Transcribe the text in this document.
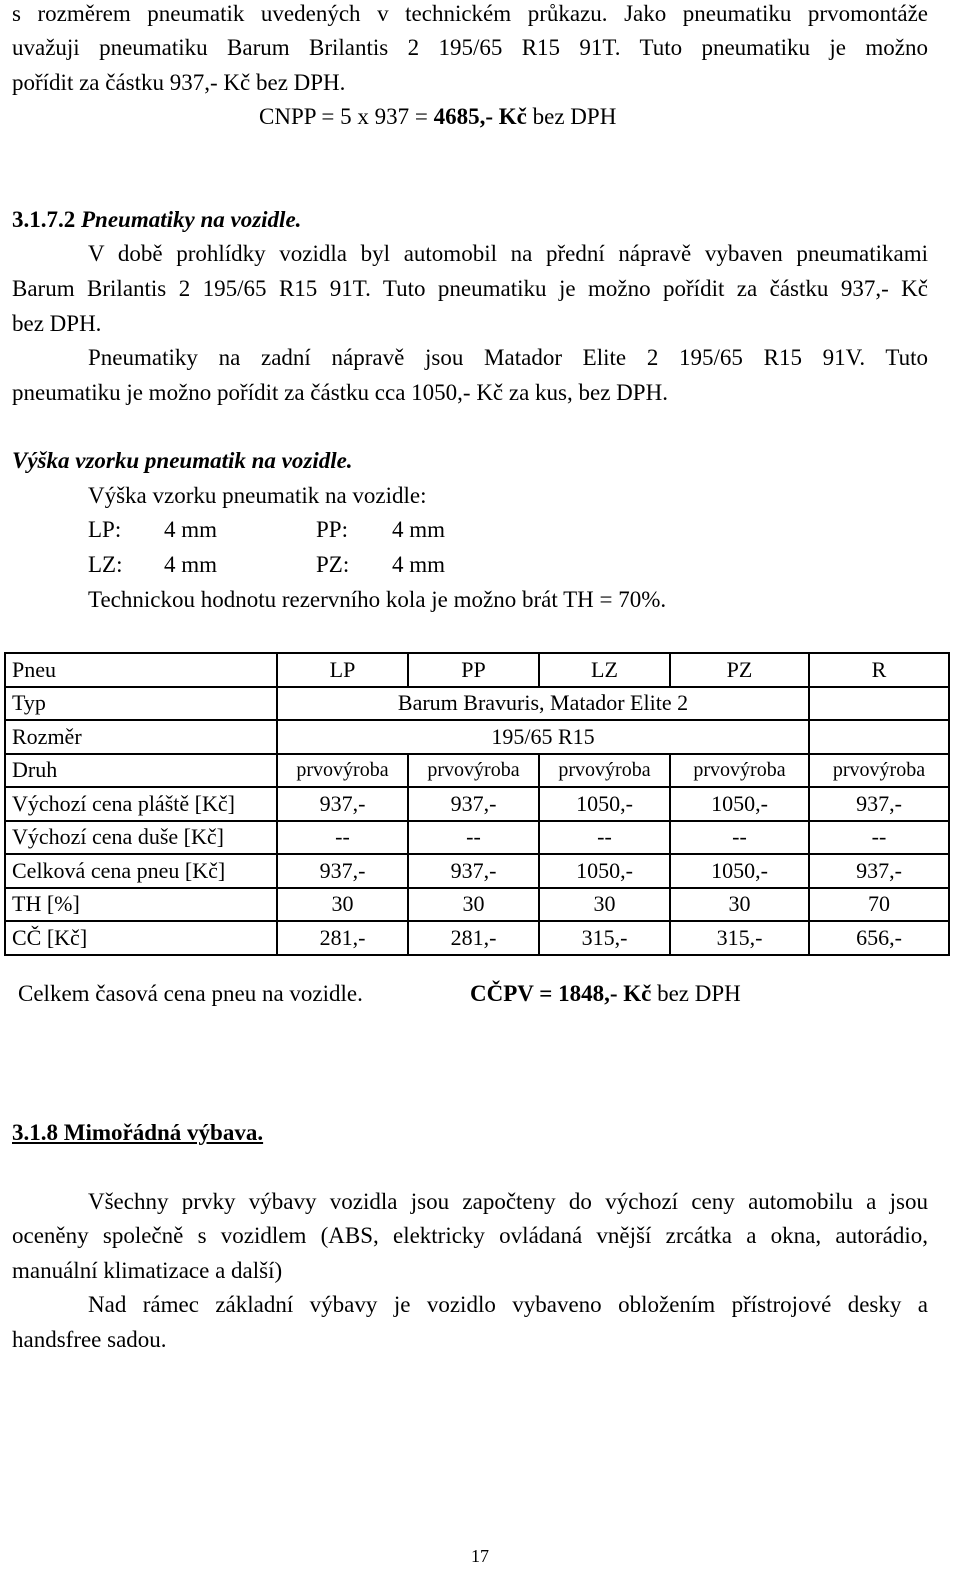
s rozměrem pneumatik uvedených v technickém průkazu. Jako pneumatiku prvomontáže
uvažuji pneumatiku Barum Brilantis 2 195/65 R15 91T. Tuto pneumatiku je možno
pořídit za částku 937,- Kč bez DPH.
CNPP = 5 x 937 = 4685,- Kč bez DPH
3.1.7.2 Pneumatiky na vozidle.
V době prohlídky vozidla byl automobil na přední nápravě vybaven pneumatikami
Barum Brilantis 2 195/65 R15 91T. Tuto pneumatiku je možno pořídit za částku 937,- Kč
bez DPH.
Pneumatiky na zadní nápravě jsou Matador Elite 2 195/65 R15 91V. Tuto
pneumatiku je možno pořídit za částku cca 1050,- Kč za kus, bez DPH.
Výška vzorku pneumatik na vozidle.
Výška vzorku pneumatik na vozidle:
LP: 4 mm	PP: 4 mm
LZ: 4 mm	PZ: 4 mm
Technickou hodnotu rezervního kola je možno brát TH = 70%.
Pneu	LP	PP	LZ	PZ	R
Typ	Barum Bravuris, Matador Elite 2				
Rozměr	195/65 R15				
Druh	prvovýroba	prvovýroba	prvovýroba	prvovýroba	prvovýroba
Výchozí cena pláště [Kč]	937,-	937,-	1050,-	1050,-	937,-
Výchozí cena duše [Kč]	--	--	--	--	--
Celková cena pneu [Kč]	937,-	937,-	1050,-	1050,-	937,-
TH [%]	30	30	30	30	70
CČ [Kč]	281,-	281,-	315,-	315,-	656,-
Celkem časová cena pneu na vozidle.	CČPV = 1848,- Kč bez DPH
3.1.8 Mimořádná výbava.
Všechny prvky výbavy vozidla jsou započteny do výchozí ceny automobilu a jsou
oceněny společně s vozidlem (ABS, elektricky ovládaná vnější zrcátka a okna, autorádio,
manuální klimatizace a další)
Nad rámec základní výbavy je vozidlo vybaveno obložením přístrojové desky a
handsfree sadou.
17
